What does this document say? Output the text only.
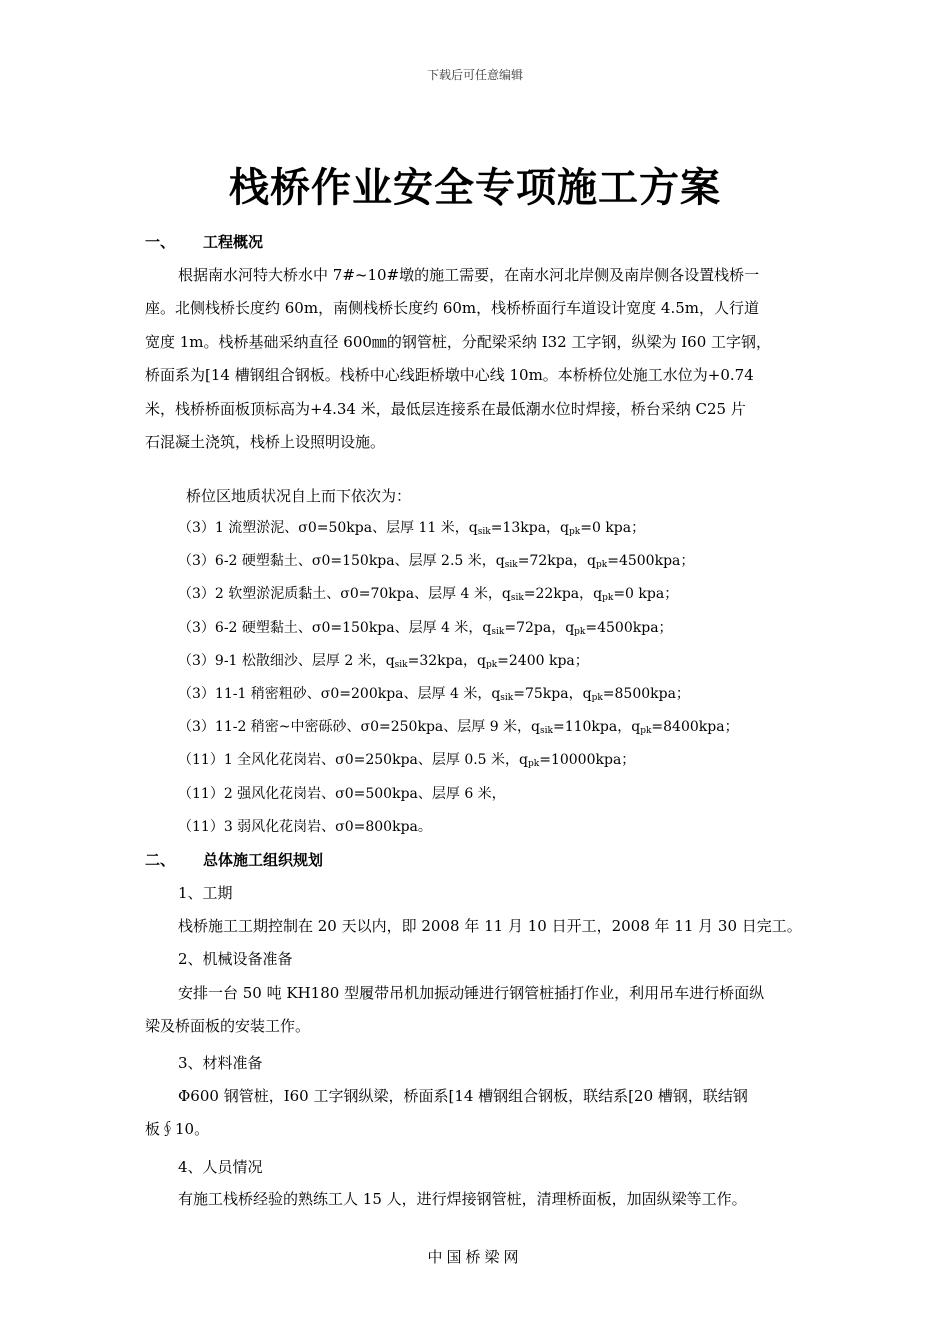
下载后可任意编辑
栈桥作业安全专项施工方案
一、 工程概况
根据南水河特大桥水中 7#~10#墩的施工需要，在南水河北岸侧及南岸侧各设置栈桥一
座。北侧栈桥长度约 60m，南侧栈桥长度约 60m，栈桥桥面行车道设计宽度 4.5m，人行道
宽度 1m。栈桥基础采纳直径 600㎜的钢管桩，分配梁采纳 I32 工字钢，纵梁为 I60 工字钢，
桥面系为[14 槽钢组合钢板。栈桥中心线距桥墩中心线 10m。本桥桥位处施工水位为+0.74
米，栈桥桥面板顶标高为+4.34 米，最低层连接系在最低潮水位时焊接，桥台采纳 C25 片
石混凝土浇筑，栈桥上设照明设施。
桥位区地质状况自上而下依次为：
（3）1 流塑淤泥、σ0=50kpa、层厚 11 米，$q_{sik}=13kpa$，$q_{pk}=0$ kpa；
（3）6-2 硬塑黏土、σ0=150kpa、层厚 2.5 米，$q_{sik}=72kpa$，$q_{pk}=4500kpa$；
（3）2 软塑淤泥质黏土、σ0=70kpa、层厚 4 米，$q_{sik}=22kpa$，$q_{pk}=0$ kpa；
（3）6-2 硬塑黏土、σ0=150kpa、层厚 4 米，$q_{sik}=72pa$，$q_{pk}=4500kpa$；
（3）9-1 松散细沙、层厚 2 米，$q_{sik}=32kpa$，$q_{pk}=2400$ kpa；
（3）11-1 稍密粗砂、σ0=200kpa、层厚 4 米，$q_{sik}=75kpa$，$q_{pk}=8500kpa$；
（3）11-2 稍密~中密砾砂、σ0=250kpa、层厚 9 米，$q_{sik}=110kpa$，$q_{pk}=8400kpa$；
（11）1 全风化花岗岩、σ0=250kpa、层厚 0.5 米，$q_{pk}=10000kpa$；
（11）2 强风化花岗岩、σ0=500kpa、层厚 6 米，
（11）3 弱风化花岗岩、σ0=800kpa。
二、 总体施工组织规划
1、工期
栈桥施工工期控制在 20 天以内，即 2008 年 11 月 10 日开工，2008 年 11 月 30 日完工。
2、机械设备准备
安排一台 50 吨 KH180 型履带吊机加振动锤进行钢管桩插打作业，利用吊车进行桥面纵
梁及桥面板的安装工作。
3、材料准备
Φ600 钢管桩，I60 工字钢纵梁，桥面系[14 槽钢组合钢板，联结系[20 槽钢，联结钢
板∮10。
4、人员情况
有施工栈桥经验的熟练工人 15 人，进行焊接钢管桩，清理桥面板，加固纵梁等工作。
中国桥梁网
